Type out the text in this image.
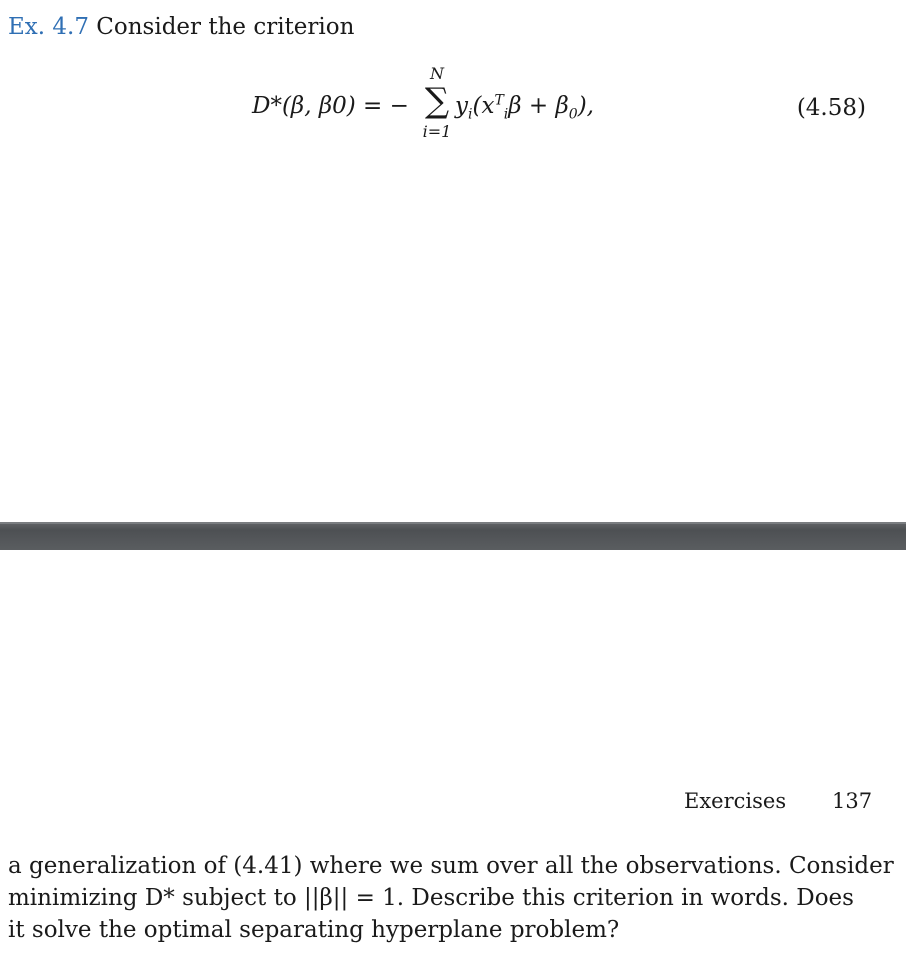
Ex. 4.7 Consider the criterion
D*(β, β0) = −
N
∑
i=1
$y_i(x^T_i\beta + \beta_0)$,	(4.58)
Exercises 137
a generalization of (4.41) where we sum over all the observations. Consider
minimizing D* subject to ||β|| = 1. Describe this criterion in words. Does
it solve the optimal separating hyperplane problem?
